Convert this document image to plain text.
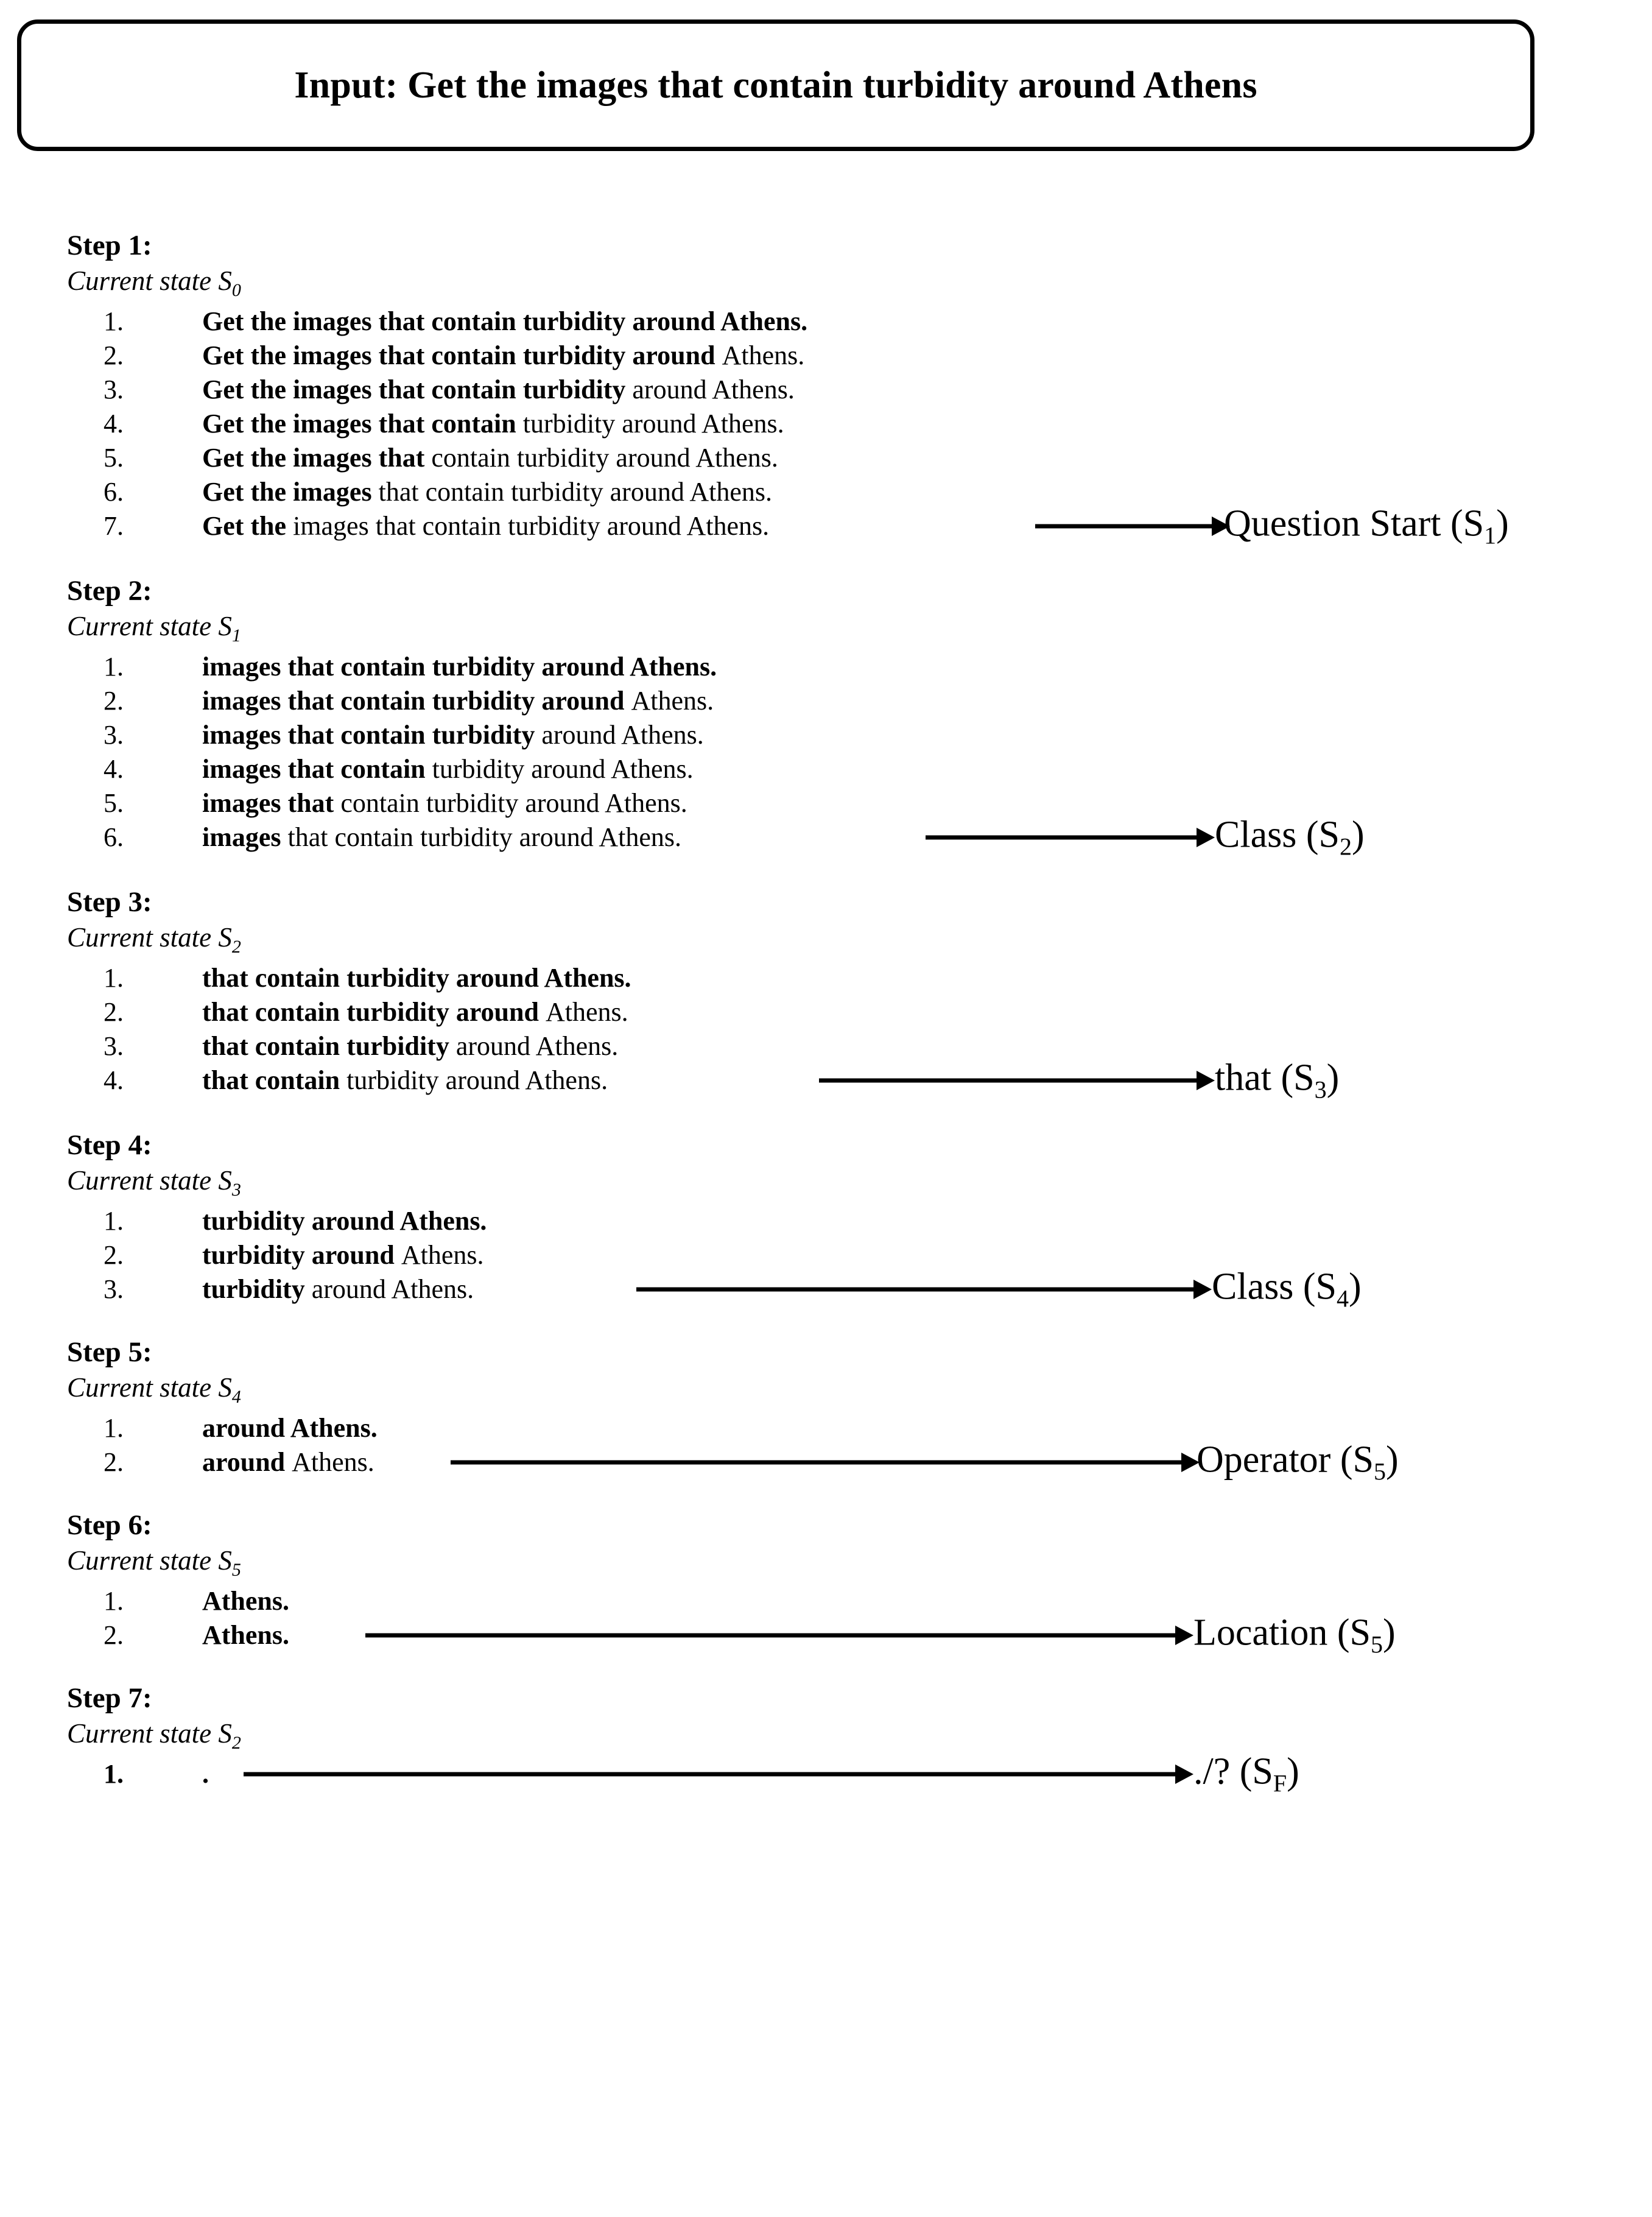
Input: Get the images that contain turbidity around Athens
Step 1:
Current state $S_0$
1.	Get the images that contain turbidity around Athens.
2.	Get the images that contain turbidity around Athens.
3.	Get the images that contain turbidity around Athens.
4.	Get the images that contain turbidity around Athens.
5.	Get the images that contain turbidity around Athens.
6.	Get the images that contain turbidity around Athens.
7.	Get the images that contain turbidity around Athens.	Question Start $(S_1)$
Step 2:
Current state $S_1$
1.	images that contain turbidity around Athens.
2.	images that contain turbidity around Athens.
3.	images that contain turbidity around Athens.
4.	images that contain turbidity around Athens.
5.	images that contain turbidity around Athens.
6.	images that contain turbidity around Athens.	Class $(S_2)$
Step 3:
Current state $S_2$
1.	that contain turbidity around Athens.
2.	that contain turbidity around Athens.
3.	that contain turbidity around Athens.
4.	that contain turbidity around Athens.	that $(S_3)$
Step 4:
Current state $S_3$
1.	turbidity around Athens.
2.	turbidity around Athens.
3.	turbidity around Athens.	Class $(S_4)$
Step 5:
Current state $S_4$
1.	around Athens.
2.	around Athens.	Operator $(S_5)$
Step 6:
Current state $S_5$
1.	Athens.
2.	Athens.	Location $(S_5)$
Step 7:
Current state $S_2$
1.	.	./? $(S_F)$
